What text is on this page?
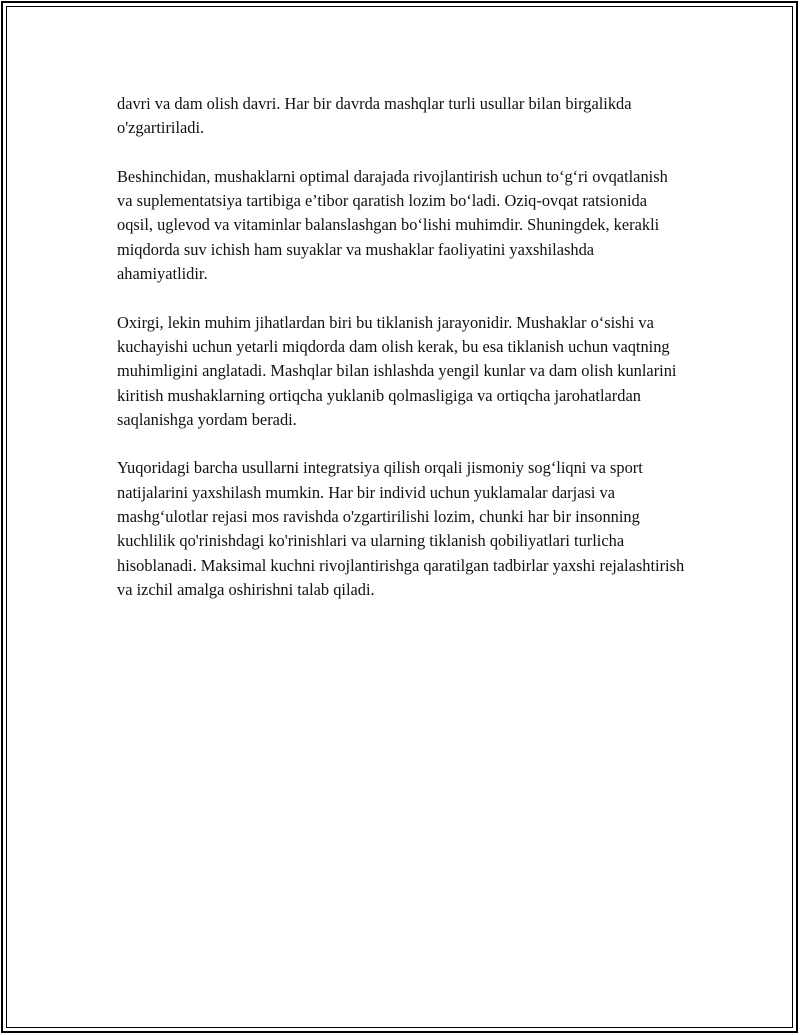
davri va dam olish davri. Har bir davrda mashqlar turli usullar bilan birgalikda o'zgartiriladi.

Beshinchidan, mushaklarni optimal darajada rivojlantirish uchun to‘g‘ri ovqatlanish va suplementatsiya tartibiga e’tibor qaratish lozim bo‘ladi. Oziq-ovqat ratsionida oqsil, uglevod va vitaminlar balanslashgan bo‘lishi muhimdir. Shuningdek, kerakli miqdorda suv ichish ham suyaklar va mushaklar faoliyatini yaxshilashda ahamiyatlidir.

Oxirgi, lekin muhim jihatlardan biri bu tiklanish jarayonidir. Mushaklar o‘sishi va kuchayishi uchun yetarli miqdorda dam olish kerak, bu esa tiklanish uchun vaqtning muhimligini anglatadi. Mashqlar bilan ishlashda yengil kunlar va dam olish kunlarini kiritish mushaklarning ortiqcha yuklanib qolmasligiga va ortiqcha jarohatlardan saqlanishga yordam beradi.

Yuqoridagi barcha usullarni integratsiya qilish orqali jismoniy sog‘liqni va sport natijalarini yaxshilash mumkin. Har bir individ uchun yuklamalar darjasi va mashg‘ulotlar rejasi mos ravishda o'zgartirilishi lozim, chunki har bir insonning kuchlilik qo'rinishdagi ko'rinishlari va ularning tiklanish qobiliyatlari turlicha hisoblanadi. Maksimal kuchni rivojlantirishga qaratilgan tadbirlar yaxshi rejalashtirish va izchil amalga oshirishni talab qiladi.
